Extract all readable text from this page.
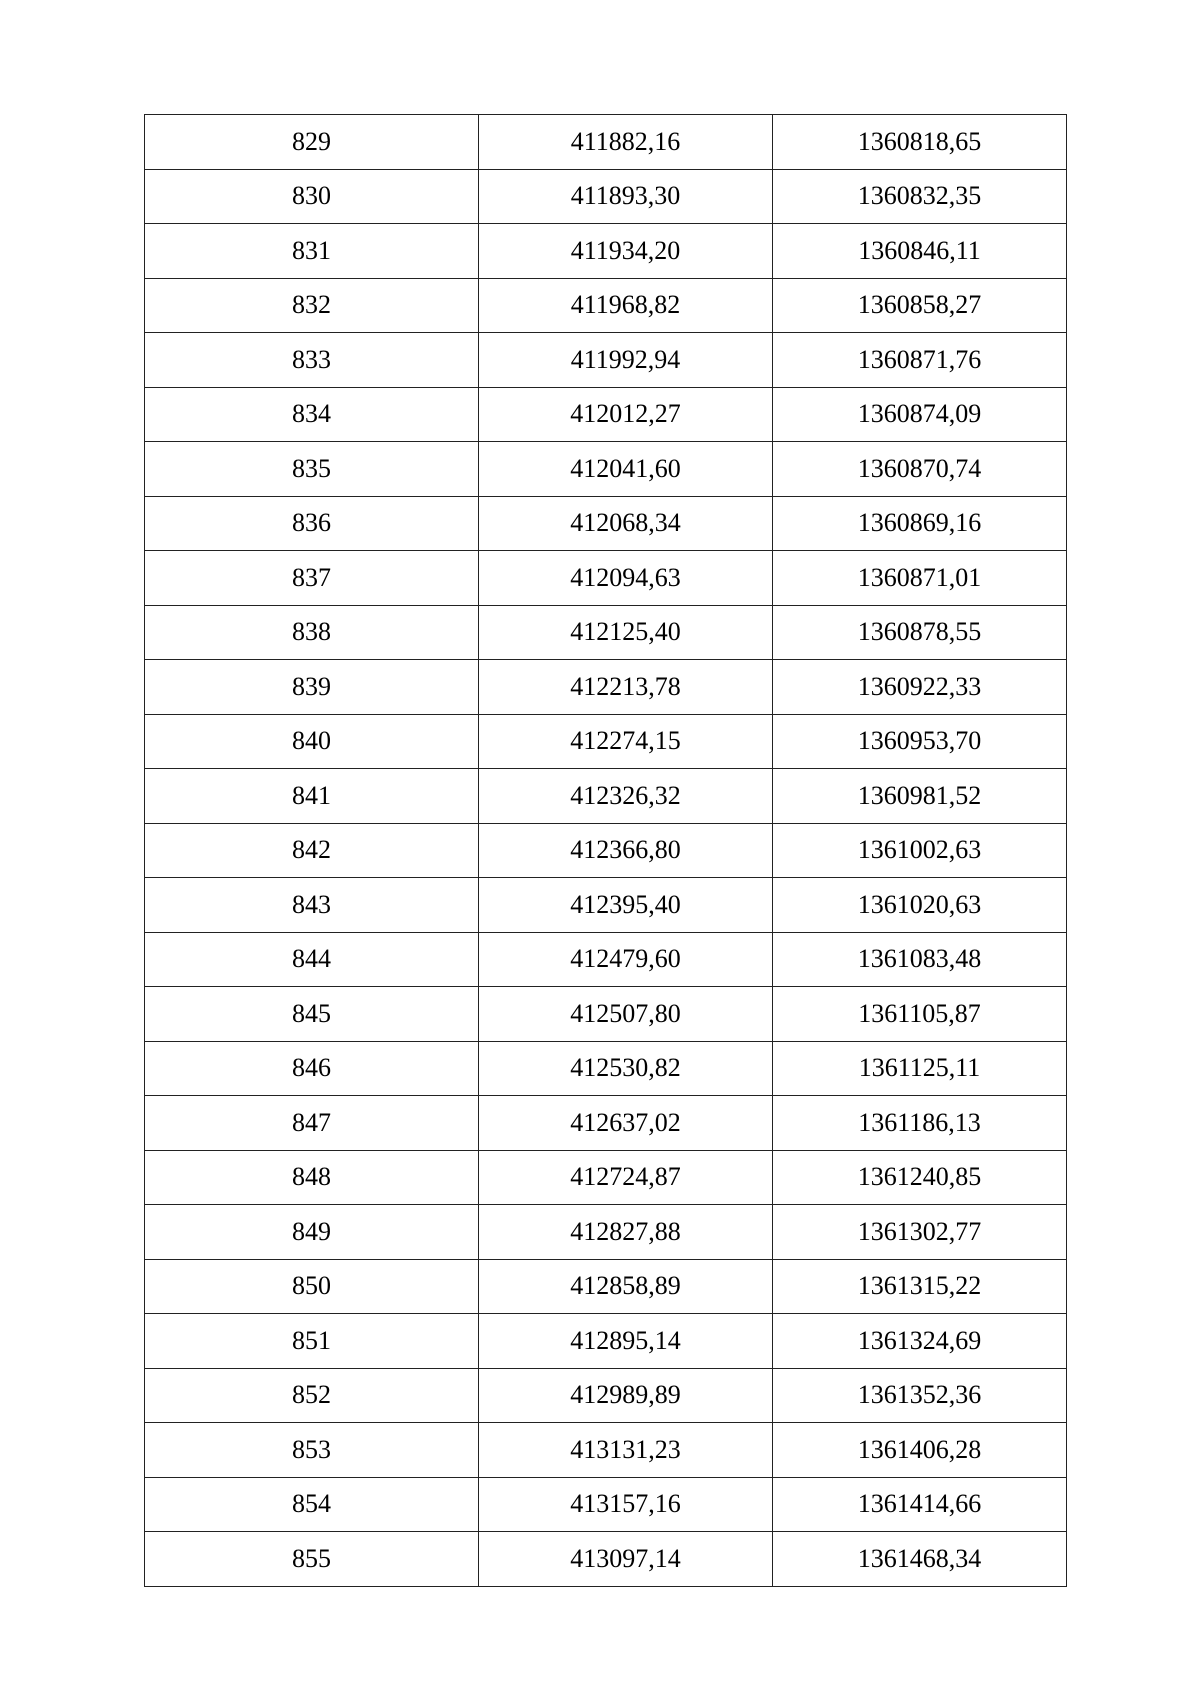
829	411882,16	1360818,65
830	411893,30	1360832,35
831	411934,20	1360846,11
832	411968,82	1360858,27
833	411992,94	1360871,76
834	412012,27	1360874,09
835	412041,60	1360870,74
836	412068,34	1360869,16
837	412094,63	1360871,01
838	412125,40	1360878,55
839	412213,78	1360922,33
840	412274,15	1360953,70
841	412326,32	1360981,52
842	412366,80	1361002,63
843	412395,40	1361020,63
844	412479,60	1361083,48
845	412507,80	1361105,87
846	412530,82	1361125,11
847	412637,02	1361186,13
848	412724,87	1361240,85
849	412827,88	1361302,77
850	412858,89	1361315,22
851	412895,14	1361324,69
852	412989,89	1361352,36
853	413131,23	1361406,28
854	413157,16	1361414,66
855	413097,14	1361468,34
